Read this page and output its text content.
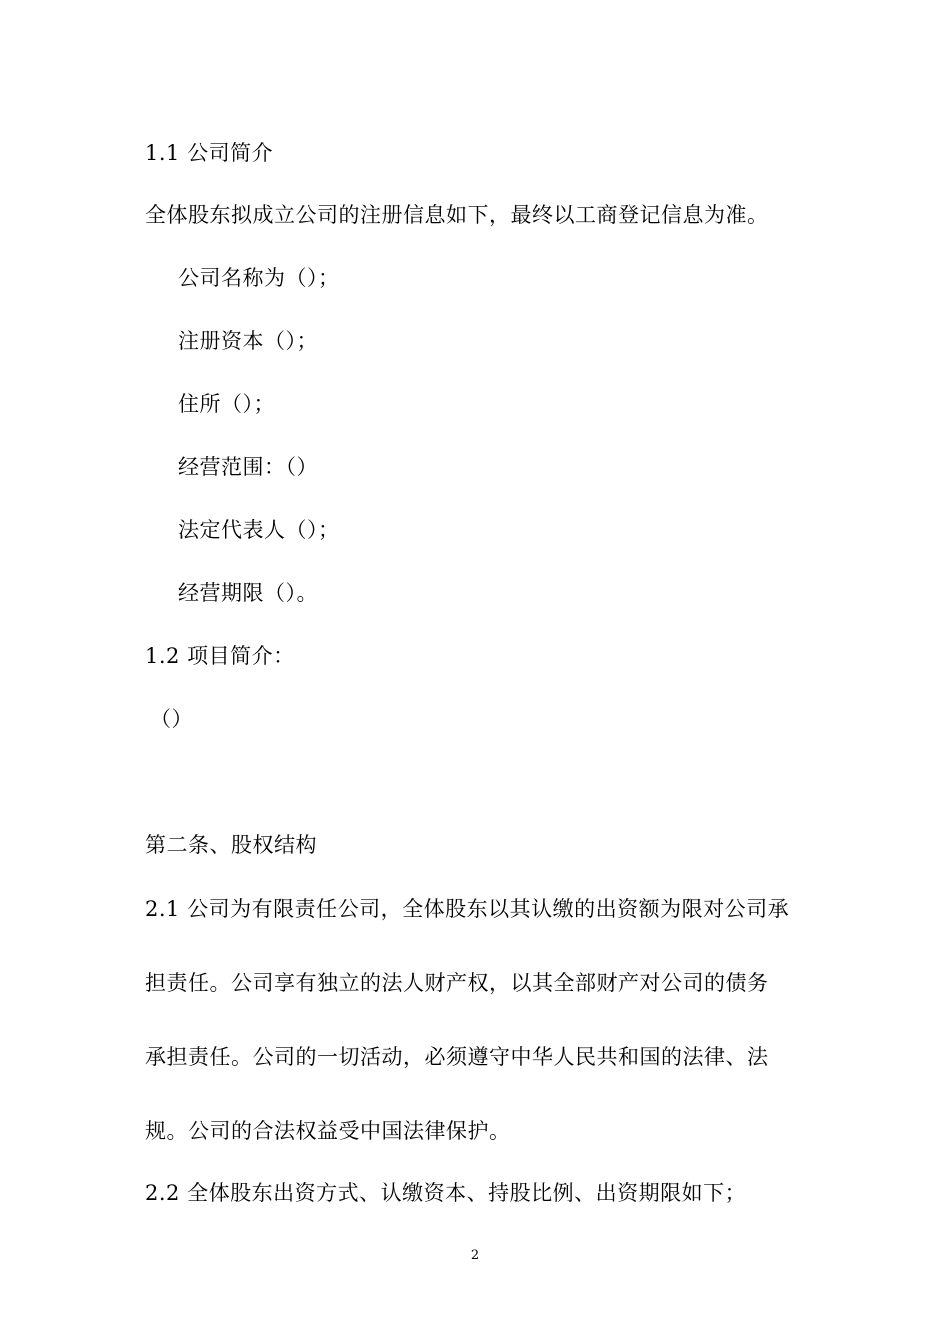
1.1 公司简介
全体股东拟成立公司的注册信息如下，最终以工商登记信息为准。
公司名称为（）；
注册资本（）；
住所（）；
经营范围：（）
法定代表人（）；
经营期限（）。
1.2 项目简介：
（）
第二条、股权结构
2.1 公司为有限责任公司，全体股东以其认缴的出资额为限对公司承
担责任。公司享有独立的法人财产权，以其全部财产对公司的债务
承担责任。公司的一切活动，必须遵守中华人民共和国的法律、法
规。公司的合法权益受中国法律保护。
2.2 全体股东出资方式、认缴资本、持股比例、出资期限如下；
2
